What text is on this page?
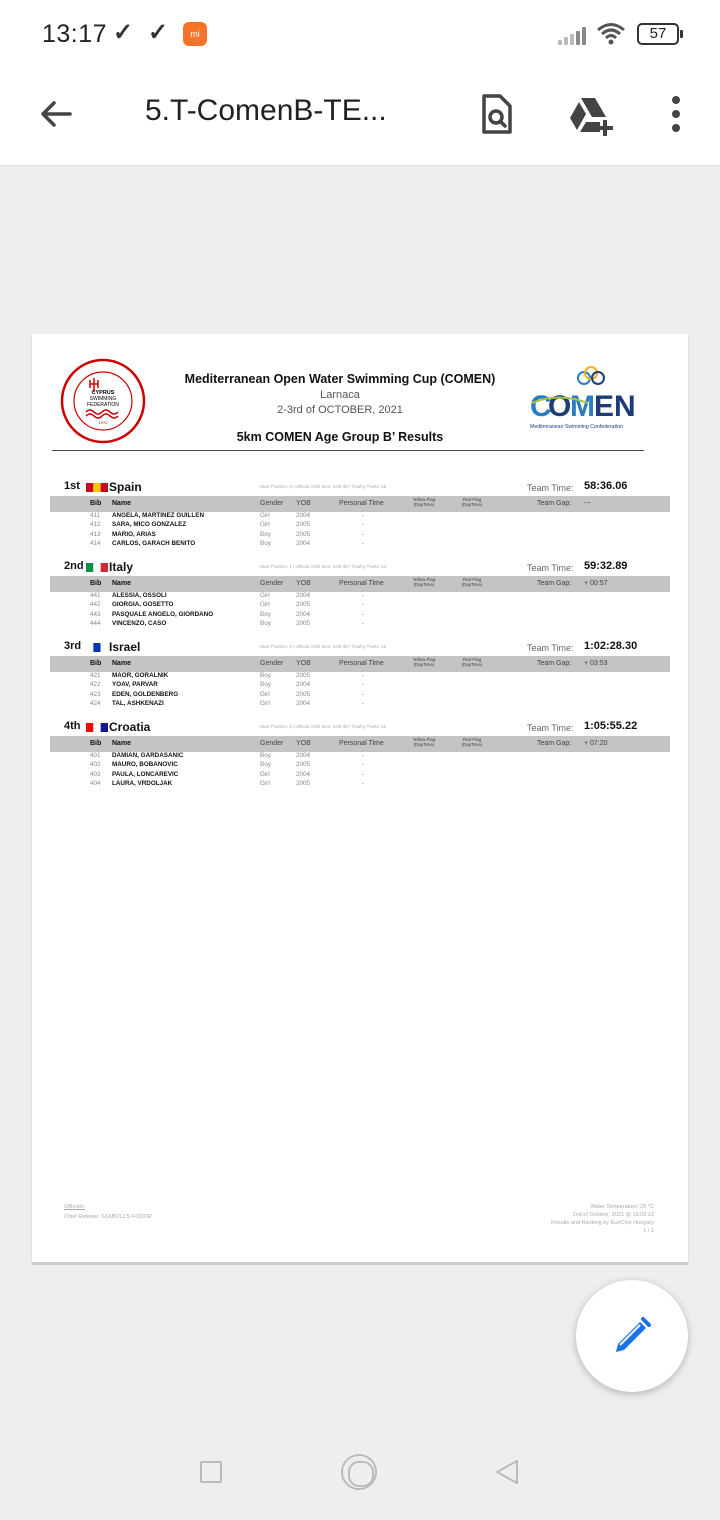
13:17 ✓ ✓	mi	57
5.T-ComenB-TE...
CYPRUS
SWIMMING
FEDERATION
1972
Mediterranean Open Water Swimming Cup (COMEN)
Larnaca
2-3rd of OCTOBER, 2021
5km COMEN Age Group B’ Results
C
O
M EN
Mediterranean Swimming Confederation
1st Spain	Start Position: 3 | Official GUN time: 9:00:35 | Trophy Points: 18	Team Time: 58:36.06
Bib Name	Gender YOB	Personal Time
Yellow Flag (DayTime)
Red Flag (DayTime)	Team Gap: ---
411 ANGELA, MARTINEZ GUILLEN	Girl	2004	-
412 SARA, MICO GONZALEZ	Girl	2005	-
413 MARIO, ARIAS	Boy	2005	-
414 CARLOS, GARACH BENITO	Boy	2004	-
2nd Italy	Start Position: 1 | Official GUN time: 9:00:35 | Trophy Points: 14	Team Time: 59:32.89
Bib Name	Gender YOB	Personal Time
Yellow Flag (DayTime)
Red Flag (DayTime)	Team Gap: + 00:57
441 ALESSIA, OSSOLI	Girl	2004	-
442 GIORGIA, GOSETTO	Girl	2005	-
443 PASQUALE ANGELO, GIORDANO	Boy	2004	-
444 VINCENZO, CASO	Boy	2005	-
3rd Israel	Start Position: 4 | Official GUN time: 9:00:35 | Trophy Points: 12	Team Time: 1:02:28.30
Bib Name	Gender YOB	Personal Time
Yellow Flag (DayTime)
Red Flag (DayTime)	Team Gap: + 03:53
421 MAOR, GORALNIK	Boy	2005	-
422 YOAV, PARVAR	Boy	2004	-
423 EDEN, GOLDENBERG	Girl	2005	-
424 TAL, ASHKENAZI	Girl	2004	-
4th Croatia	Start Position: 2 | Official GUN time: 9:00:35 | Trophy Points: 10	Team Time: 1:05:55.22
Bib Name	Gender YOB	Personal Time
Yellow Flag (DayTime)
Red Flag (DayTime)	Team Gap: + 07:20
401 DAMIAN, GARDASANIC	Boy	2004	-
402 MAURO, BOBANOVIC	Boy	2005	-
403 PAULA, LONCAREVIC	Girl	2004	-
404 LAURA, VRDOLJAK	Girl	2005	-
Officials:
Chief Referee: SZABOLCS FODOR
Water Temperature: 25 °C
2nd of October, 2021 @ 15:03:12
Results and Ranking by EuoChip Hungary
1 / 1
